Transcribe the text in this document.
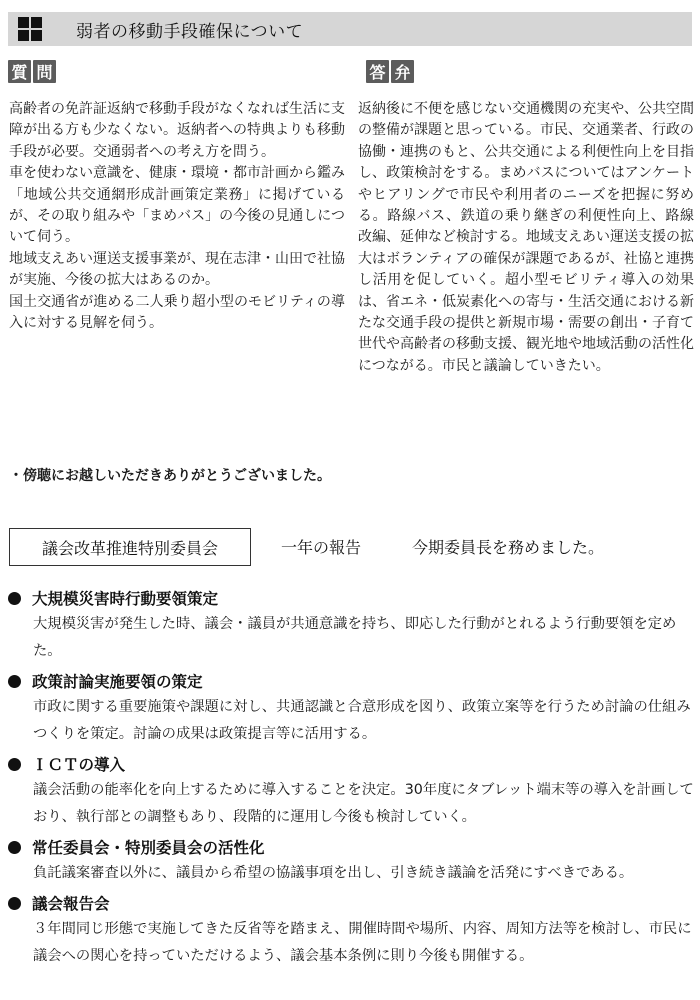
弱者の移動手段確保について
質 問	答 弁

高齢者の免許証返納で移動手段がなくなれば生活に支障が出る方も少なくない。返納者への特典よりも移動手段が必要。交通弱者への考え方を問う。

車を使わない意識を、健康・環境・都市計画から鑑み「地域公共交通網形成計画策定業務」に掲げているが、その取り組みや「まめバス」の今後の見通しについて伺う。

地域支えあい運送支援事業が、現在志津・山田で社協が実施、今後の拡大はあるのか。

国土交通省が進める二人乗り超小型のモビリティの導入に対する見解を伺う。

返納後に不便を感じない交通機関の充実や、公共空間の整備が課題と思っている。市民、交通業者、行政の協働・連携のもと、公共交通による利便性向上を目指し、政策検討をする。まめバスについてはアンケートやヒアリングで市民や利用者のニーズを把握に努める。路線バス、鉄道の乗り継ぎの利便性向上、路線改編、延伸など検討する。地域支えあい運送支援の拡大はボランティアの確保が課題であるが、社協と連携し活用を促していく。超小型モビリティ導入の効果は、省エネ・低炭素化への寄与・生活交通における新たな交通手段の提供と新規市場・需要の創出・子育て世代や高齢者の移動支援、観光地や地域活動の活性化につながる。市民と議論していきたい。

・傍聴にお越しいただきありがとうございました。
議会改革推進特別委員会	一年の報告	今期委員長を務めました。
大規模災害時行動要領策定

大規模災害が発生した時、議会・議員が共通意識を持ち、即応した行動がとれるよう行動要領を定めた。

政策討論実施要領の策定

市政に関する重要施策や課題に対し、共通認識と合意形成を図り、政策立案等を行うため討論の仕組みつくりを策定。討論の成果は政策提言等に活用する。

ＩＣＴの導入

議会活動の能率化を向上するために導入することを決定。30年度にタブレット端末等の導入を計画しており、執行部との調整もあり、段階的に運用し今後も検討していく。

常任委員会・特別委員会の活性化

負託議案審査以外に、議員から希望の協議事項を出し、引き続き議論を活発にすべきである。

議会報告会

３年間同じ形態で実施してきた反省等を踏まえ、開催時間や場所、内容、周知方法等を検討し、市民に議会への関心を持っていただけるよう、議会基本条例に則り今後も開催する。
